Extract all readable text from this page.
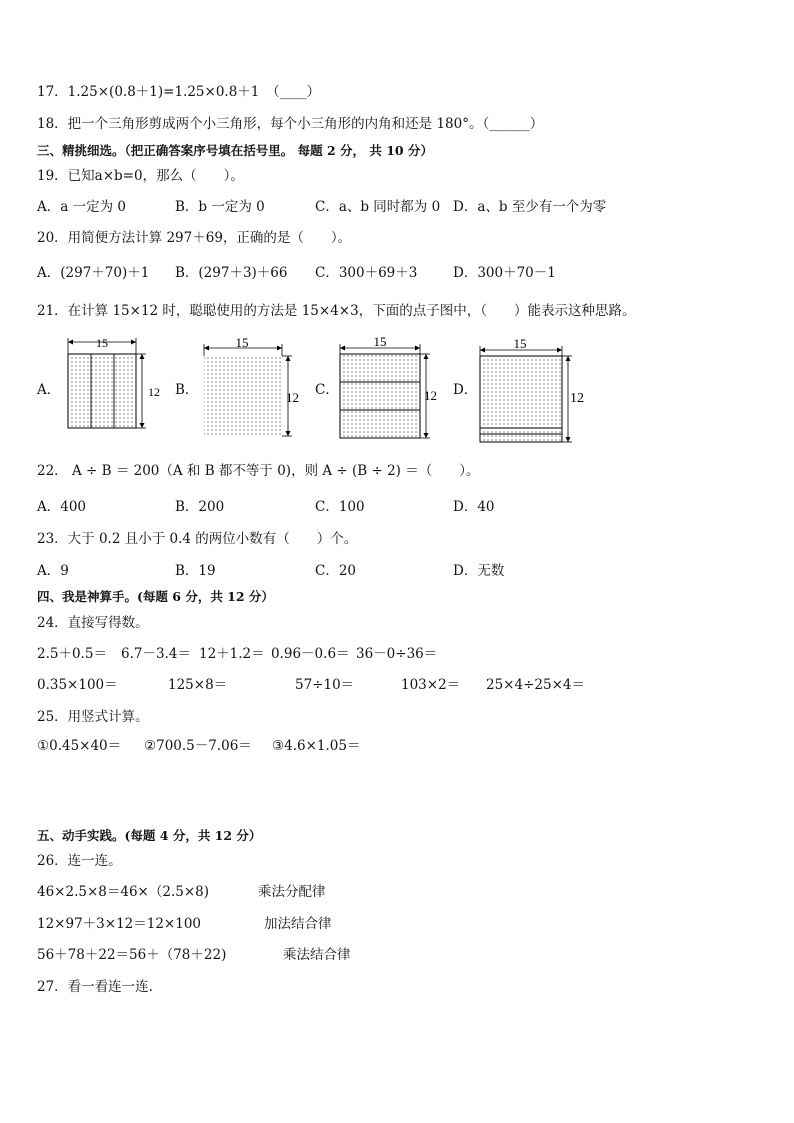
17．1.25×(0.8＋1)=1.25×0.8＋1　（____）
18．把一个三角形剪成两个小三角形，每个小三角形的内角和还是 180°。（______）
三、精挑细选。（把正确答案序号填在括号里。 每题 2 分， 共 10 分）
19．已知a×b=0，那么（　　）。
A．a 一定为 0	B．b 一定为 0	C．a、b 同时都为 0 D．a、b 至少有一个为零
20．用简便方法计算 297＋69，正确的是（　　）。
A．(297＋70)＋1 B．(297＋3)＋66 C．300＋69＋3	D．300＋70－1
21．在计算 15×12 时，聪聪使用的方法是 15×4×3，下面的点子图中，（　　）能表示这种思路。
A．
15
12 B．
15
12 C．
15
12 D．
15
12
22． A ÷ B ＝ 200（A 和 B 都不等于 0)，则 A ÷ (B ÷ 2) ＝（　　）。
A．400	B．200	C．100	D．40
23．大于 0.2 且小于 0.4 的两位小数有（　　）个。
A．9	B．19	C．20	D．无数
四、我是神算手。(每题 6 分，共 12 分）
24．直接写得数。
2.5＋0.5＝ 6.7－3.4＝ 12＋1.2＝ 0.96－0.6＝ 36－0÷36＝
0.35×100＝	125×8＝	57÷10＝	103×2＝ 25×4÷25×4＝
25．用竖式计算。
①0.45×40＝ ②700.5－7.06＝ ③4.6×1.05＝
五、动手实践。(每题 4 分，共 12 分）
26．连一连。
46×2.5×8＝46×（2.5×8)
12×97＋3×12＝12×100
56＋78＋22＝56＋（78＋22)
乘法分配律
加法结合律
乘法结合律
27．看一看连一连.
